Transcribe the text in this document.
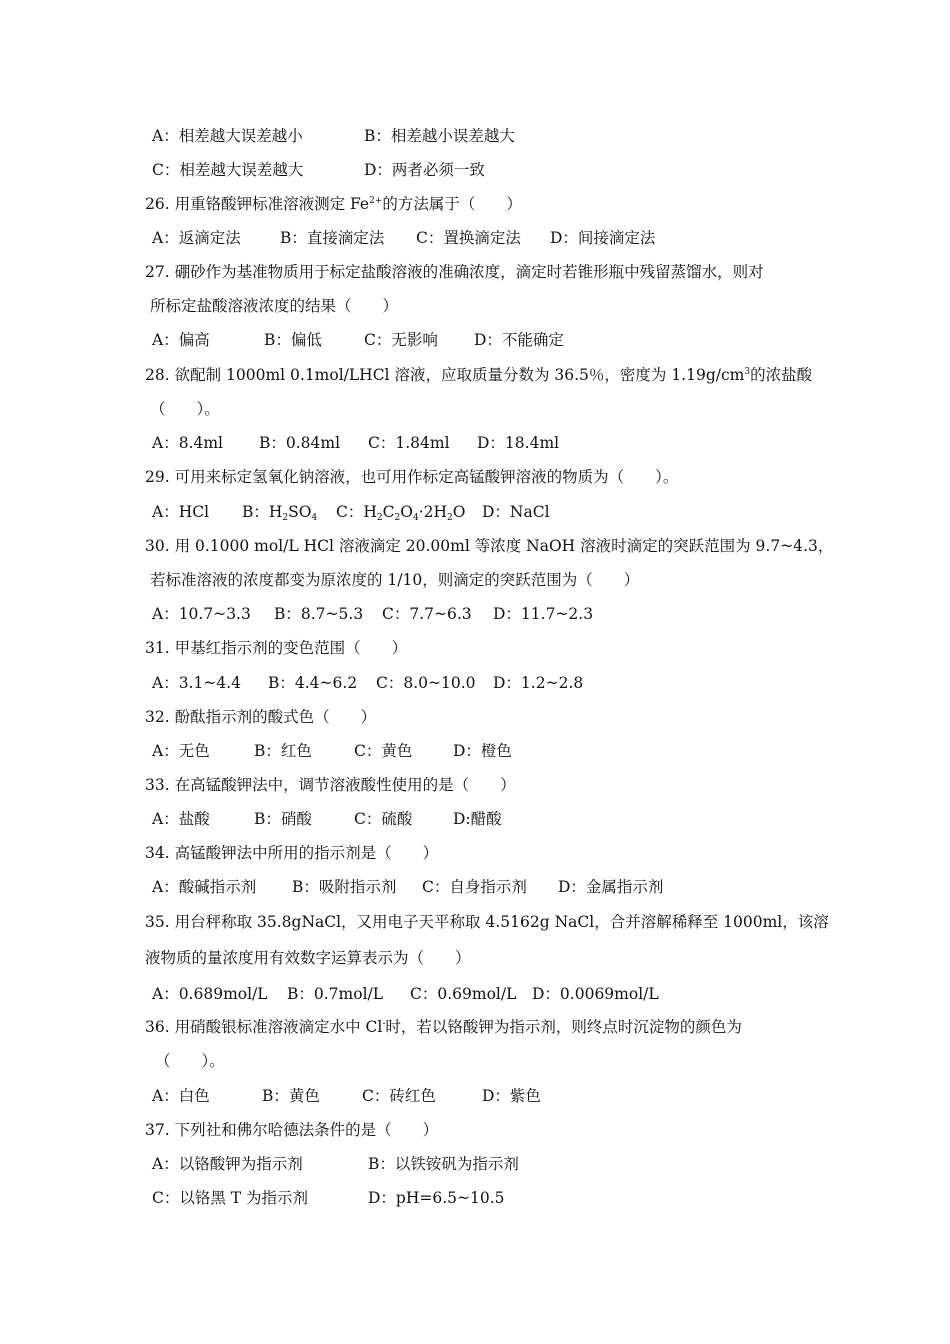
A：相差越大误差越小	B：相差越小误差越大
C：相差越大误差越大	D：两者必须一致
26. 用重铬酸钾标准溶液测定 $Fe^{2+}$的方法属于（　　）
A：返滴定法	B：直接滴定法 C：置换滴定法 D：间接滴定法
27. 硼砂作为基准物质用于标定盐酸溶液的准确浓度，滴定时若锥形瓶中残留蒸馏水，则对
所标定盐酸溶液浓度的结果（　　）
A：偏高	B：偏低	C：无影响 D：不能确定
28. 欲配制 1000ml 0.1mol/LHCl 溶液，应取质量分数为 36.5％，密度为 $1.19g/cm^3$的浓盐酸
（　　）。
A：8.4ml B：0.84ml C：1.84ml D：18.4ml
29. 可用来标定氢氧化钠溶液，也可用作标定高锰酸钾溶液的物质为（　　）。
A：HCl B：$H_2SO_4$ C：$H_2C_2O_4\cdot 2H_2O$ D：NaCl
30. 用 0.1000 mol/L HCl 溶液滴定 20.00ml 等浓度 NaOH 溶液时滴定的突跃范围为 9.7~4.3，
若标准溶液的浓度都变为原浓度的 1/10，则滴定的突跃范围为（　　）
A：10.7~3.3 B：8.7~5.3 C：7.7~6.3 D：11.7~2.3
31. 甲基红指示剂的变色范围（　　）
A：3.1~4.4 B：4.4~6.2 C：8.0~10.0 D：1.2~2.8
32. 酚酞指示剂的酸式色（　　）
A：无色	B：红色	C：黄色	D：橙色
33. 在高锰酸钾法中，调节溶液酸性使用的是（　　）
A：盐酸	B：硝酸	C：硫酸	D:醋酸
34. 高锰酸钾法中所用的指示剂是（　　）
A：酸碱指示剂 B：吸附指示剂 C：自身指示剂 D：金属指示剂
35. 用台秤称取 35.8gNaCl，又用电子天平称取 4.5162g NaCl，合并溶解稀释至 1000ml，该溶
液物质的量浓度用有效数字运算表示为（　　）
A：0.689mol/L B：0.7mol/L C：0.69mol/L D：0.0069mol/L
36. 用硝酸银标准溶液滴定水中 Cl-时，若以铬酸钾为指示剂，则终点时沉淀物的颜色为
（　　）。
A：白色	B：黄色	C：砖红色	D：紫色
37. 下列社和佛尔哈德法条件的是（　　）
A：以铬酸钾为指示剂	B：以铁铵矾为指示剂
C：以铬黑 T 为指示剂	D：pH=6.5~10.5
